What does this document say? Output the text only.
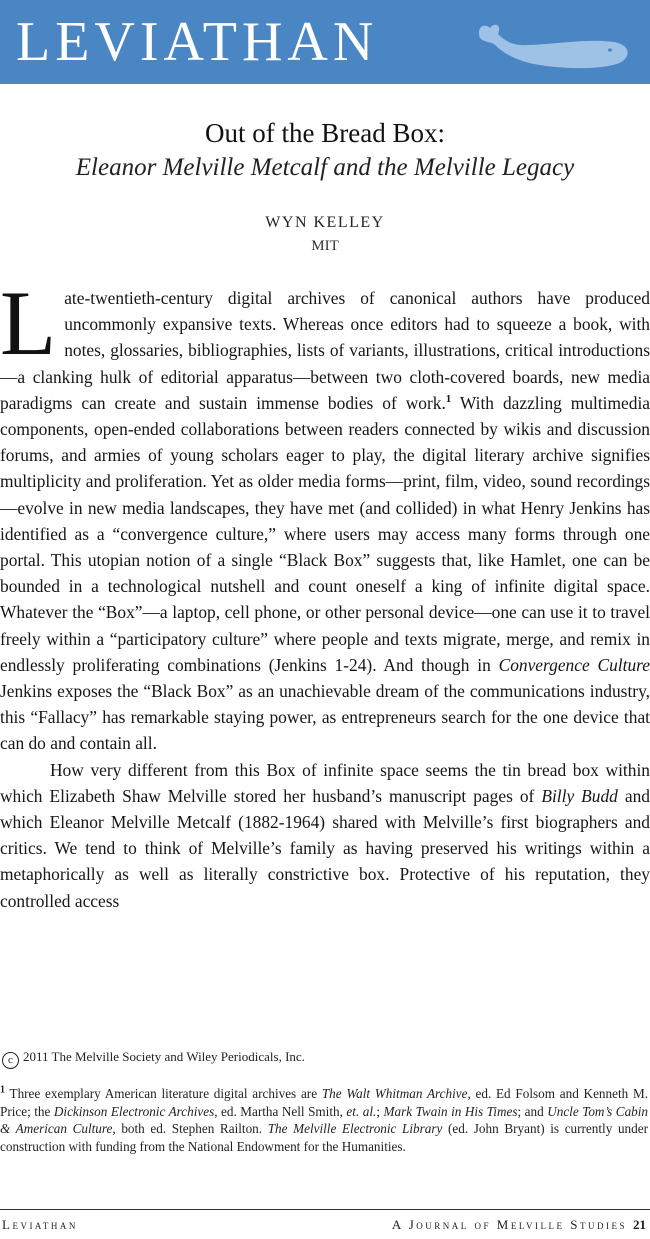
LEVIATHAN
Out of the Bread Box:
Eleanor Melville Metcalf and the Melville Legacy
WYN KELLEY
MIT

Late-twentieth-century digital archives of canonical authors have produced uncommonly expansive texts. Whereas once editors had to squeeze a book, with notes, glossaries, bibliographies, lists of variants, illustrations, critical introductions—a clanking hulk of editorial apparatus—between two cloth-covered boards, new media paradigms can create and sustain immense bodies of work.$^1$ With dazzling multimedia components, open-ended collaborations between readers connected by wikis and discussion forums, and armies of young scholars eager to play, the digital literary archive signifies multiplicity and proliferation. Yet as older media forms—print, film, video, sound recordings—evolve in new media landscapes, they have met (and collided) in what Henry Jenkins has identified as a “convergence culture,” where users may access many forms through one portal. This utopian notion of a single “Black Box” suggests that, like Hamlet, one can be bounded in a technological nutshell and count oneself a king of infinite digital space. Whatever the “Box”—a laptop, cell phone, or other personal device—one can use it to travel freely within a “participatory culture” where people and texts migrate, merge, and remix in endlessly proliferating combinations (Jenkins 1-24). And though in Convergence Culture Jenkins exposes the “Black Box” as an unachievable dream of the communications industry, this “Fallacy” has remarkable staying power, as entrepreneurs search for the one device that can do and contain all.

How very different from this Box of infinite space seems the tin bread box within which Elizabeth Shaw Melville stored her husband’s manuscript pages of Billy Budd and which Eleanor Melville Metcalf (1882-1964) shared with Melville’s first biographers and critics. We tend to think of Melville’s family as having preserved his writings within a metaphorically as well as literally constrictive box. Protective of his reputation, they controlled access

c 2011 The Melville Society and Wiley Periodicals, Inc.
$^1$ Three exemplary American literature digital archives are The Walt Whitman Archive, ed. Ed Folsom and Kenneth M. Price; the Dickinson Electronic Archives, ed. Martha Nell Smith, et. al.; Mark Twain in His Times; and Uncle Tom’s Cabin & American Culture, both ed. Stephen Railton. The Melville Electronic Library (ed. John Bryant) is currently under construction with funding from the National Endowment for the Humanities.
Leviathan	A Journal of Melville Studies 21
